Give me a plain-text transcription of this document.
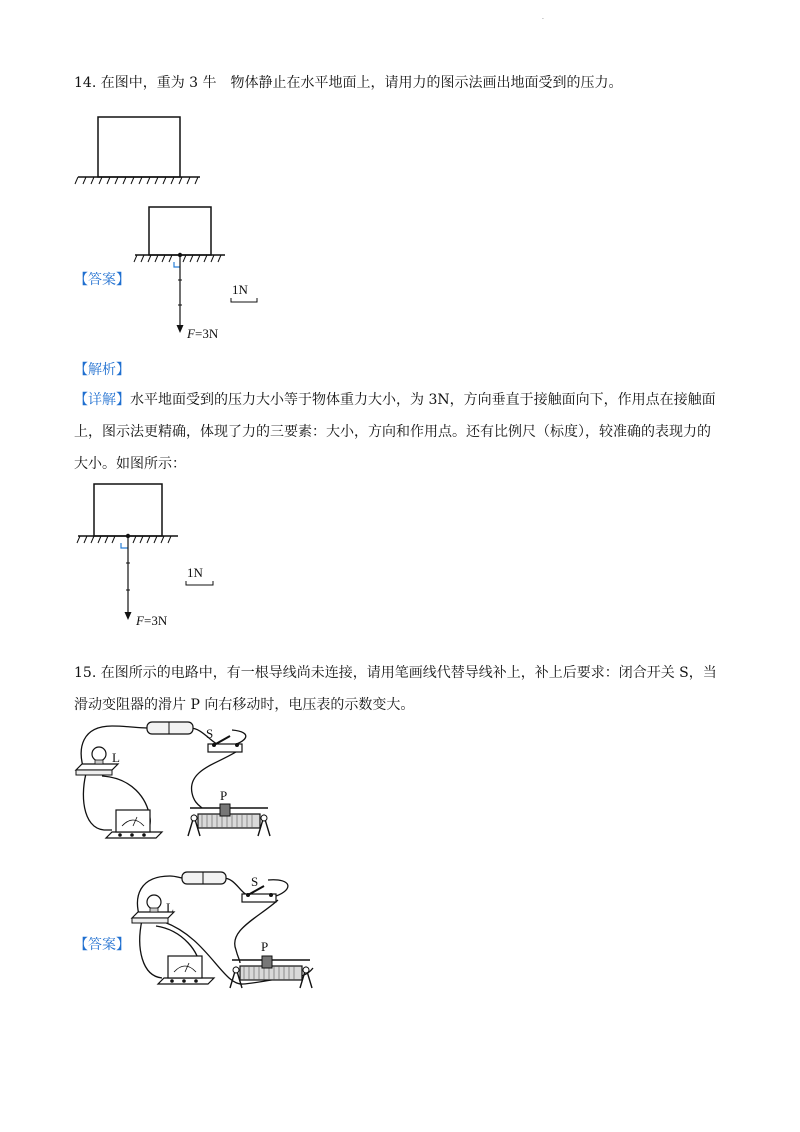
.
14. 在图中，重为 3 牛　物体静止在水平地面上，请用力的图示法画出地面受到的压力。
【答案】
1N
F =3N
【解析】
【详解】水平地面受到的压力大小等于物体重力大小，为 3N，方向垂直于接触面向下，作用点在接触面
上，图示法更精确，体现了力的三要素：大小，方向和作用点。还有比例尺（标度），较准确的表现力的
大小。如图所示：
1N
F =3N
15. 在图所示的电路中，有一根导线尚未连接，请用笔画线代替导线补上，补上后要求：闭合开关 S，当
滑动变阻器的滑片 P 向右移动时，电压表的示数变大。
S
L
P
【答案】
S
L
P
